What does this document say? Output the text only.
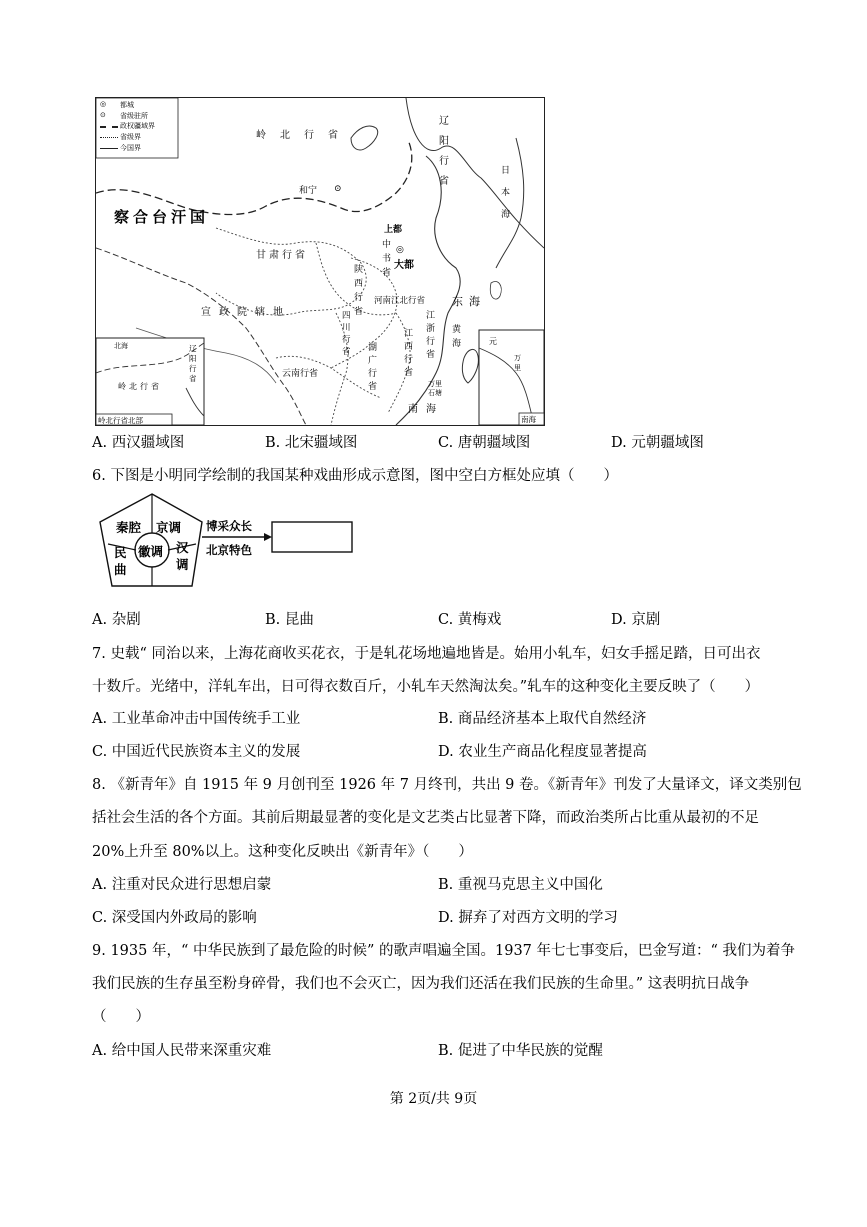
◎ 都城
⊙ 省级驻所
政权疆域界
省级界
今国界
岭北行省
辽阳行省
和宁 ⊙
察合台汗国
甘肃行省
上都
◎
大都
中书省
陕西行省
河南江北行省
四川行省
云南行省
湖广行省
江西行省
江浙行省
宣政院辖地
东海
黄海
日本海
南海
万里石塘
岭北行省
辽阳行省
北海
岭北行省北部
元
万里
南海
A. 西汉疆域图	B. 北宋疆域图	C. 唐朝疆域图	D. 元朝疆域图
6. 下图是小明同学绘制的我国某种戏曲形成示意图，图中空白方框处应填（　　）
秦腔 京调
汉调
民曲
徽调
博采众长
北京特色
A. 杂剧	B. 昆曲	C. 黄梅戏	D. 京剧
7. 史载“ 同治以来，上海花商收买花衣，于是轧花场地遍地皆是。始用小轧车，妇女手摇足踏，日可出衣
十数斤。光绪中，洋轧车出，日可得衣数百斤，小轧车天然淘汰矣。”轧车的这种变化主要反映了（　　）
A. 工业革命冲击中国传统手工业	B. 商品经济基本上取代自然经济
C. 中国近代民族资本主义的发展	D. 农业生产商品化程度显著提高
8. 《新青年》自 1915 年 9 月创刊至 1926 年 7 月终刊，共出 9 卷。《新青年》刊发了大量译文，译文类别包
括社会生活的各个方面。其前后期最显著的变化是文艺类占比显著下降，而政治类所占比重从最初的不足
20%上升至 80%以上。这种变化反映出《新青年》（　　）
A. 注重对民众进行思想启蒙	B. 重视马克思主义中国化
C. 深受国内外政局的影响	D. 摒弃了对西方文明的学习
9. 1935 年，“ 中华民族到了最危险的时候” 的歌声唱遍全国。1937 年七七事变后，巴金写道：“ 我们为着争
我们民族的生存虽至粉身碎骨，我们也不会灭亡，因为我们还活在我们民族的生命里。” 这表明抗日战争
（　　）
A. 给中国人民带来深重灾难	B. 促进了中华民族的觉醒
第 2页/共 9页
